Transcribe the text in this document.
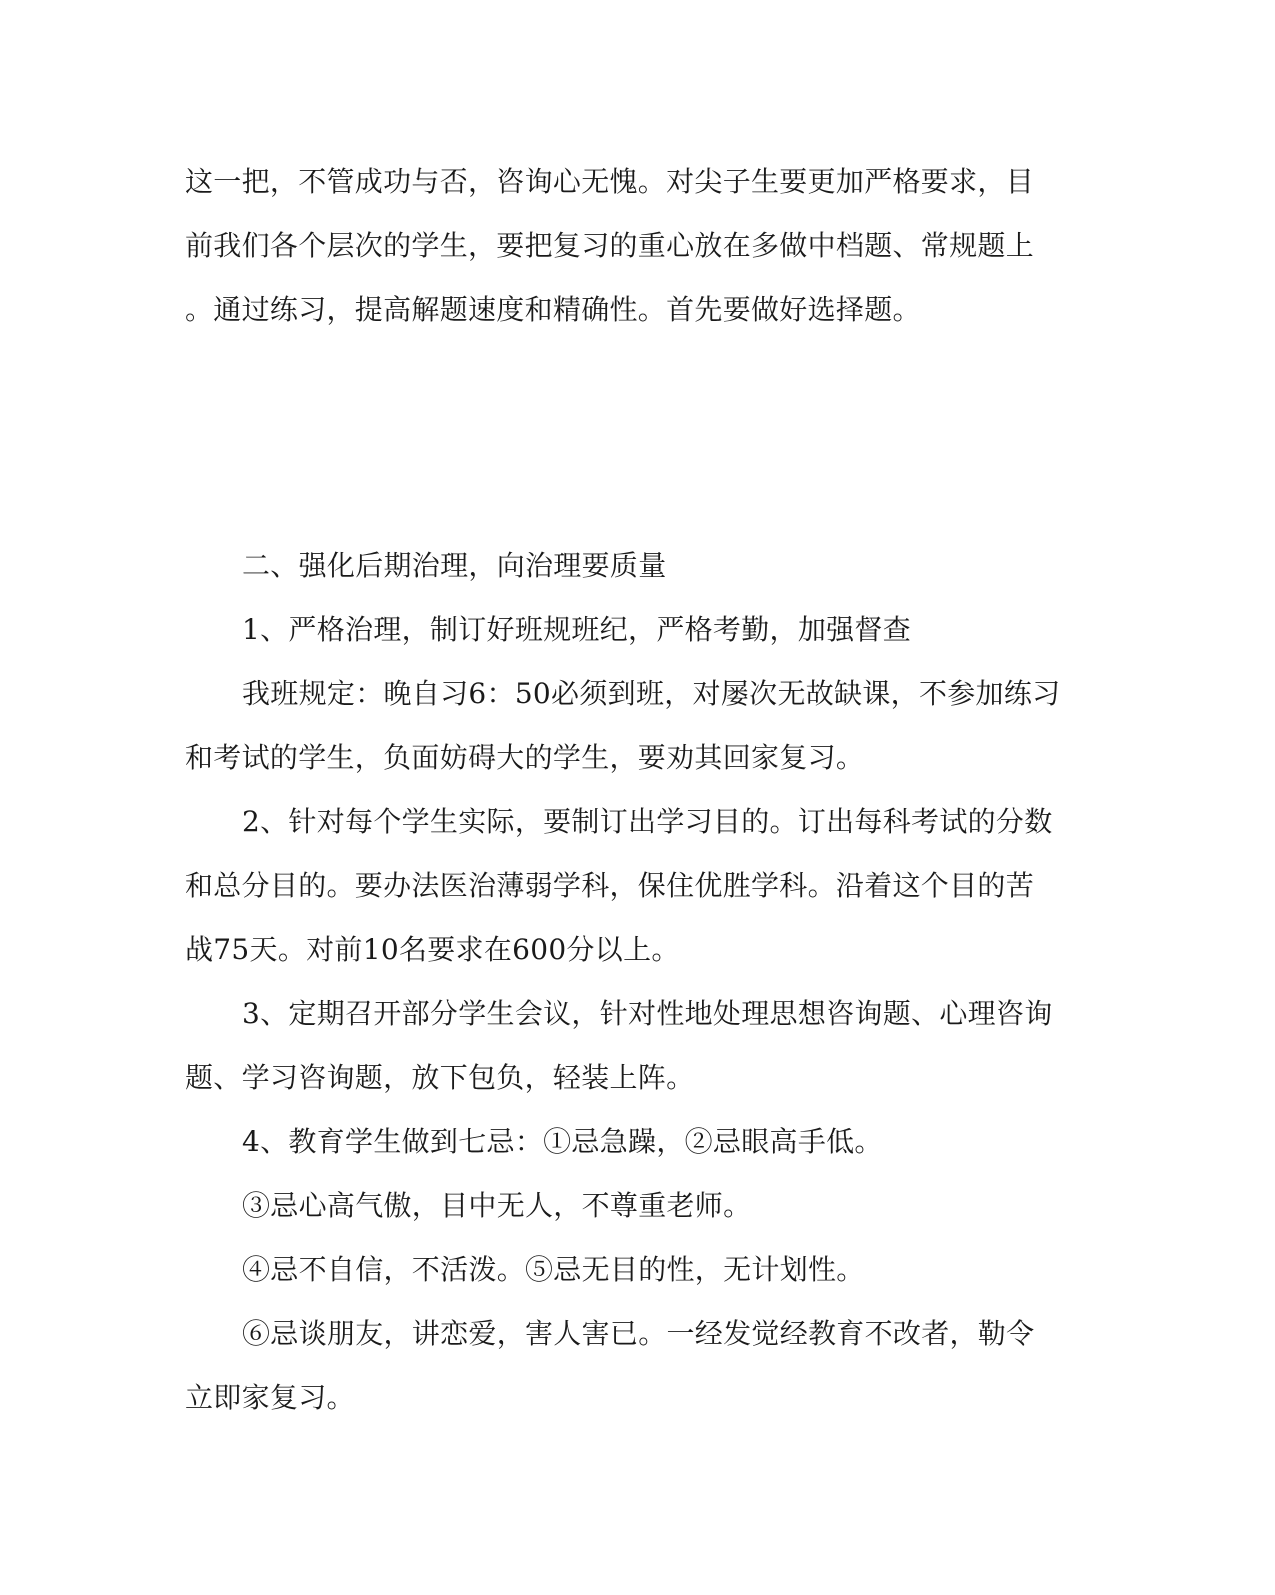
这一把，不管成功与否，咨询心无愧。对尖子生要更加严格要求，目
前我们各个层次的学生，要把复习的重心放在多做中档题、常规题上
。通过练习，提高解题速度和精确性。首先要做好选择题。
二、强化后期治理，向治理要质量
1、严格治理，制订好班规班纪，严格考勤，加强督查
我班规定：晚自习6：50必须到班，对屡次无故缺课，不参加练习
和考试的学生，负面妨碍大的学生，要劝其回家复习。
2、针对每个学生实际，要制订出学习目的。订出每科考试的分数
和总分目的。要办法医治薄弱学科，保住优胜学科。沿着这个目的苦
战75天。对前10名要求在600分以上。
3、定期召开部分学生会议，针对性地处理思想咨询题、心理咨询
题、学习咨询题，放下包负，轻装上阵。
4、教育学生做到七忌：①忌急躁，②忌眼高手低。
③忌心高气傲，目中无人，不尊重老师。
④忌不自信，不活泼。⑤忌无目的性，无计划性。
⑥忌谈朋友，讲恋爱，害人害已。一经发觉经教育不改者，勒令
立即家复习。
